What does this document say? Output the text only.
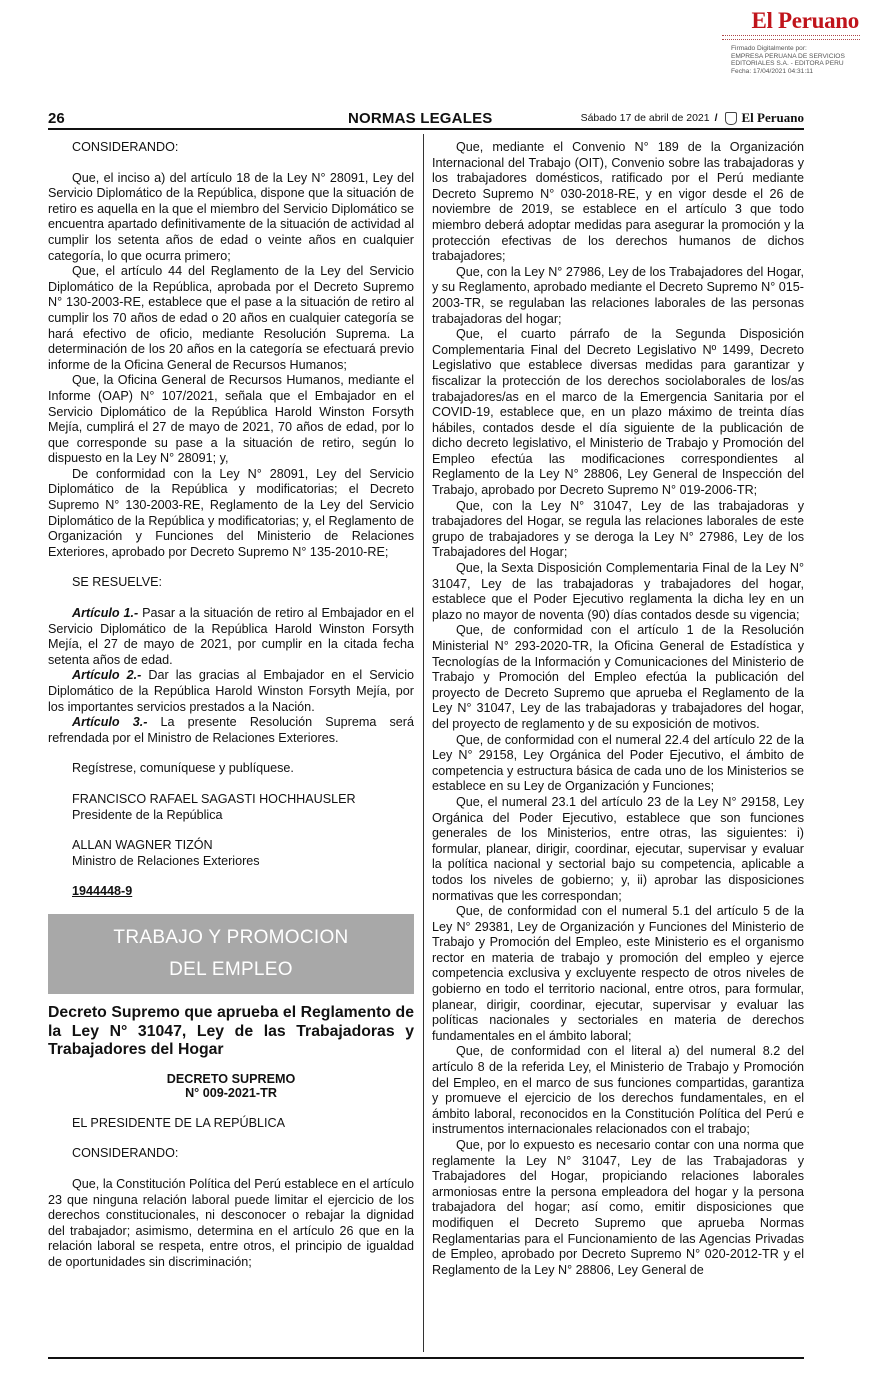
El Peruano
Firmado Digitalmente por:
EMPRESA PERUANA DE SERVICIOS
EDITORIALES S.A. - EDITORA PERU
Fecha: 17/04/2021 04:31:11
26	NORMAS LEGALES	Sábado 17 de abril de 2021 / El Peruano

CONSIDERANDO:

Que, el inciso a) del artículo 18 de la Ley N° 28091, Ley del Servicio Diplomático de la República, dispone que la situación de retiro es aquella en la que el miembro del Servicio Diplomático se encuentra apartado definitivamente de la situación de actividad al cumplir los setenta años de edad o veinte años en cualquier categoría, lo que ocurra primero;

Que, el artículo 44 del Reglamento de la Ley del Servicio Diplomático de la República, aprobada por el Decreto Supremo N° 130-2003-RE, establece que el pase a la situación de retiro al cumplir los 70 años de edad o 20 años en cualquier categoría se hará efectivo de oficio, mediante Resolución Suprema. La determinación de los 20 años en la categoría se efectuará previo informe de la Oficina General de Recursos Humanos;

Que, la Oficina General de Recursos Humanos, mediante el Informe (OAP) N° 107/2021, señala que el Embajador en el Servicio Diplomático de la República Harold Winston Forsyth Mejía, cumplirá el 27 de mayo de 2021, 70 años de edad, por lo que corresponde su pase a la situación de retiro, según lo dispuesto en la Ley N° 28091; y,

De conformidad con la Ley N° 28091, Ley del Servicio Diplomático de la República y modificatorias; el Decreto Supremo N° 130-2003-RE, Reglamento de la Ley del Servicio Diplomático de la República y modificatorias; y, el Reglamento de Organización y Funciones del Ministerio de Relaciones Exteriores, aprobado por Decreto Supremo N° 135-2010-RE;

SE RESUELVE:

Artículo 1.- Pasar a la situación de retiro al Embajador en el Servicio Diplomático de la República Harold Winston Forsyth Mejía, el 27 de mayo de 2021, por cumplir en la citada fecha setenta años de edad.

Artículo 2.- Dar las gracias al Embajador en el Servicio Diplomático de la República Harold Winston Forsyth Mejía, por los importantes servicios prestados a la Nación.

Artículo 3.- La presente Resolución Suprema será refrendada por el Ministro de Relaciones Exteriores.

Regístrese, comuníquese y publíquese.

FRANCISCO RAFAEL SAGASTI HOCHHAUSLER

Presidente de la República

ALLAN WAGNER TIZÓN

Ministro de Relaciones Exteriores

1944448-9

TRABAJO Y PROMOCION
DEL EMPLEO
Decreto Supremo que aprueba el Reglamento de la Ley N° 31047, Ley de las Trabajadoras y Trabajadores del Hogar
DECRETO SUPREMO
N° 009-2021-TR

EL PRESIDENTE DE LA REPÚBLICA

CONSIDERANDO:

Que, la Constitución Política del Perú establece en el artículo 23 que ninguna relación laboral puede limitar el ejercicio de los derechos constitucionales, ni desconocer o rebajar la dignidad del trabajador; asimismo, determina en el artículo 26 que en la relación laboral se respeta, entre otros, el principio de igualdad de oportunidades sin discriminación;

Que, mediante el Convenio N° 189 de la Organización Internacional del Trabajo (OIT), Convenio sobre las trabajadoras y los trabajadores domésticos, ratificado por el Perú mediante Decreto Supremo N° 030-2018-RE, y en vigor desde el 26 de noviembre de 2019, se establece en el artículo 3 que todo miembro deberá adoptar medidas para asegurar la promoción y la protección efectivas de los derechos humanos de dichos trabajadores;

Que, con la Ley N° 27986, Ley de los Trabajadores del Hogar, y su Reglamento, aprobado mediante el Decreto Supremo N° 015-2003-TR, se regulaban las relaciones laborales de las personas trabajadoras del hogar;

Que, el cuarto párrafo de la Segunda Disposición Complementaria Final del Decreto Legislativo Nº 1499, Decreto Legislativo que establece diversas medidas para garantizar y fiscalizar la protección de los derechos sociolaborales de los/as trabajadores/as en el marco de la Emergencia Sanitaria por el COVID-19, establece que, en un plazo máximo de treinta días hábiles, contados desde el día siguiente de la publicación de dicho decreto legislativo, el Ministerio de Trabajo y Promoción del Empleo efectúa las modificaciones correspondientes al Reglamento de la Ley N° 28806, Ley General de Inspección del Trabajo, aprobado por Decreto Supremo N° 019-2006-TR;

Que, con la Ley N° 31047, Ley de las trabajadoras y trabajadores del Hogar, se regula las relaciones laborales de este grupo de trabajadores y se deroga la Ley N° 27986, Ley de los Trabajadores del Hogar;

Que, la Sexta Disposición Complementaria Final de la Ley N° 31047, Ley de las trabajadoras y trabajadores del hogar, establece que el Poder Ejecutivo reglamenta la dicha ley en un plazo no mayor de noventa (90) días contados desde su vigencia;

Que, de conformidad con el artículo 1 de la Resolución Ministerial N° 293-2020-TR, la Oficina General de Estadística y Tecnologías de la Información y Comunicaciones del Ministerio de Trabajo y Promoción del Empleo efectúa la publicación del proyecto de Decreto Supremo que aprueba el Reglamento de la Ley N° 31047, Ley de las trabajadoras y trabajadores del hogar, del proyecto de reglamento y de su exposición de motivos.

Que, de conformidad con el numeral 22.4 del artículo 22 de la Ley N° 29158, Ley Orgánica del Poder Ejecutivo, el ámbito de competencia y estructura básica de cada uno de los Ministerios se establece en su Ley de Organización y Funciones;

Que, el numeral 23.1 del artículo 23 de la Ley N° 29158, Ley Orgánica del Poder Ejecutivo, establece que son funciones generales de los Ministerios, entre otras, las siguientes: i) formular, planear, dirigir, coordinar, ejecutar, supervisar y evaluar la política nacional y sectorial bajo su competencia, aplicable a todos los niveles de gobierno; y, ii) aprobar las disposiciones normativas que les correspondan;

Que, de conformidad con el numeral 5.1 del artículo 5 de la Ley N° 29381, Ley de Organización y Funciones del Ministerio de Trabajo y Promoción del Empleo, este Ministerio es el organismo rector en materia de trabajo y promoción del empleo y ejerce competencia exclusiva y excluyente respecto de otros niveles de gobierno en todo el territorio nacional, entre otros, para formular, planear, dirigir, coordinar, ejecutar, supervisar y evaluar las políticas nacionales y sectoriales en materia de derechos fundamentales en el ámbito laboral;

Que, de conformidad con el literal a) del numeral 8.2 del artículo 8 de la referida Ley, el Ministerio de Trabajo y Promoción del Empleo, en el marco de sus funciones compartidas, garantiza y promueve el ejercicio de los derechos fundamentales, en el ámbito laboral, reconocidos en la Constitución Política del Perú e instrumentos internacionales relacionados con el trabajo;

Que, por lo expuesto es necesario contar con una norma que reglamente la Ley N° 31047, Ley de las Trabajadoras y Trabajadores del Hogar, propiciando relaciones laborales armoniosas entre la persona empleadora del hogar y la persona trabajadora del hogar; así como, emitir disposiciones que modifiquen el Decreto Supremo que aprueba Normas Reglamentarias para el Funcionamiento de las Agencias Privadas de Empleo, aprobado por Decreto Supremo N° 020-2012-TR y el Reglamento de la Ley N° 28806, Ley General de
